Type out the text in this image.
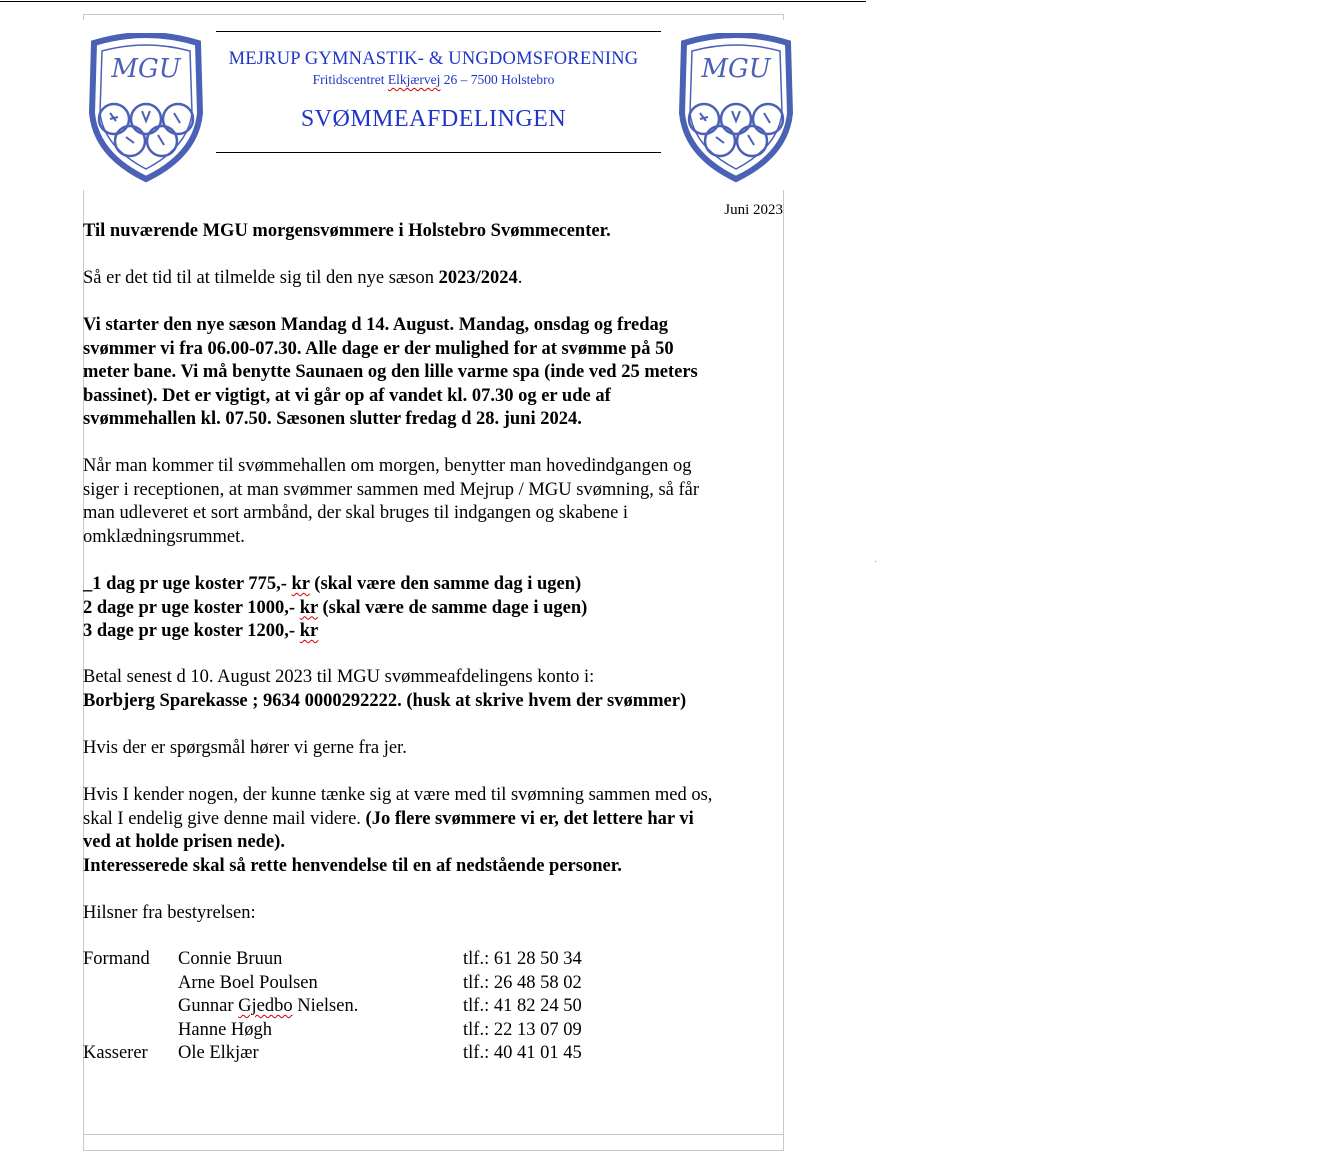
MGU	MGU
MEJRUP GYMNASTIK- & UNGDOMSFORENING
Fritidscentret Elkjærvej 26 – 7500 Holstebro
SVØMMEAFDELINGEN
Juni 2023
Til nuværende MGU morgensvømmere i Holstebro Svømmecenter.
Så er det tid til at tilmelde sig til den nye sæson 2023/2024.
Vi starter den nye sæson Mandag d 14. August. Mandag, onsdag og fredag
svømmer vi fra 06.00-07.30. Alle dage er der mulighed for at svømme på 50
meter bane. Vi må benytte Saunaen og den lille varme spa (inde ved 25 meters
bassinet). Det er vigtigt, at vi går op af vandet kl. 07.30 og er ude af
svømmehallen kl. 07.50. Sæsonen slutter fredag d 28. juni 2024.
Når man kommer til svømmehallen om morgen, benytter man hovedindgangen og
siger i receptionen, at man svømmer sammen med Mejrup / MGU svømning, så får
man udleveret et sort armbånd, der skal bruges til indgangen og skabene i
omklædningsrummet.
_1 dag pr uge koster 775,- kr (skal være den samme dag i ugen)
2 dage pr uge koster 1000,- kr (skal være de samme dage i ugen)
3 dage pr uge koster 1200,- kr
Betal senest d 10. August 2023 til MGU svømmeafdelingens konto i:
Borbjerg Sparekasse ; 9634 0000292222. (husk at skrive hvem der svømmer)
Hvis der er spørgsmål hører vi gerne fra jer.
Hvis I kender nogen, der kunne tænke sig at være med til svømning sammen med os,
skal I endelig give denne mail videre. (Jo flere svømmere vi er, det lettere har vi
ved at holde prisen nede).
Interesserede skal så rette henvendelse til en af nedstående personer.
Hilsner fra bestyrelsen:
Formand Connie Bruun	tlf.: 61 28 50 34
Arne Boel Poulsen	tlf.: 26 48 58 02
Gunnar Gjedbo Nielsen.	tlf.: 41 82 24 50
Hanne Høgh	tlf.: 22 13 07 09
Kasserer Ole Elkjær	tlf.: 40 41 01 45
